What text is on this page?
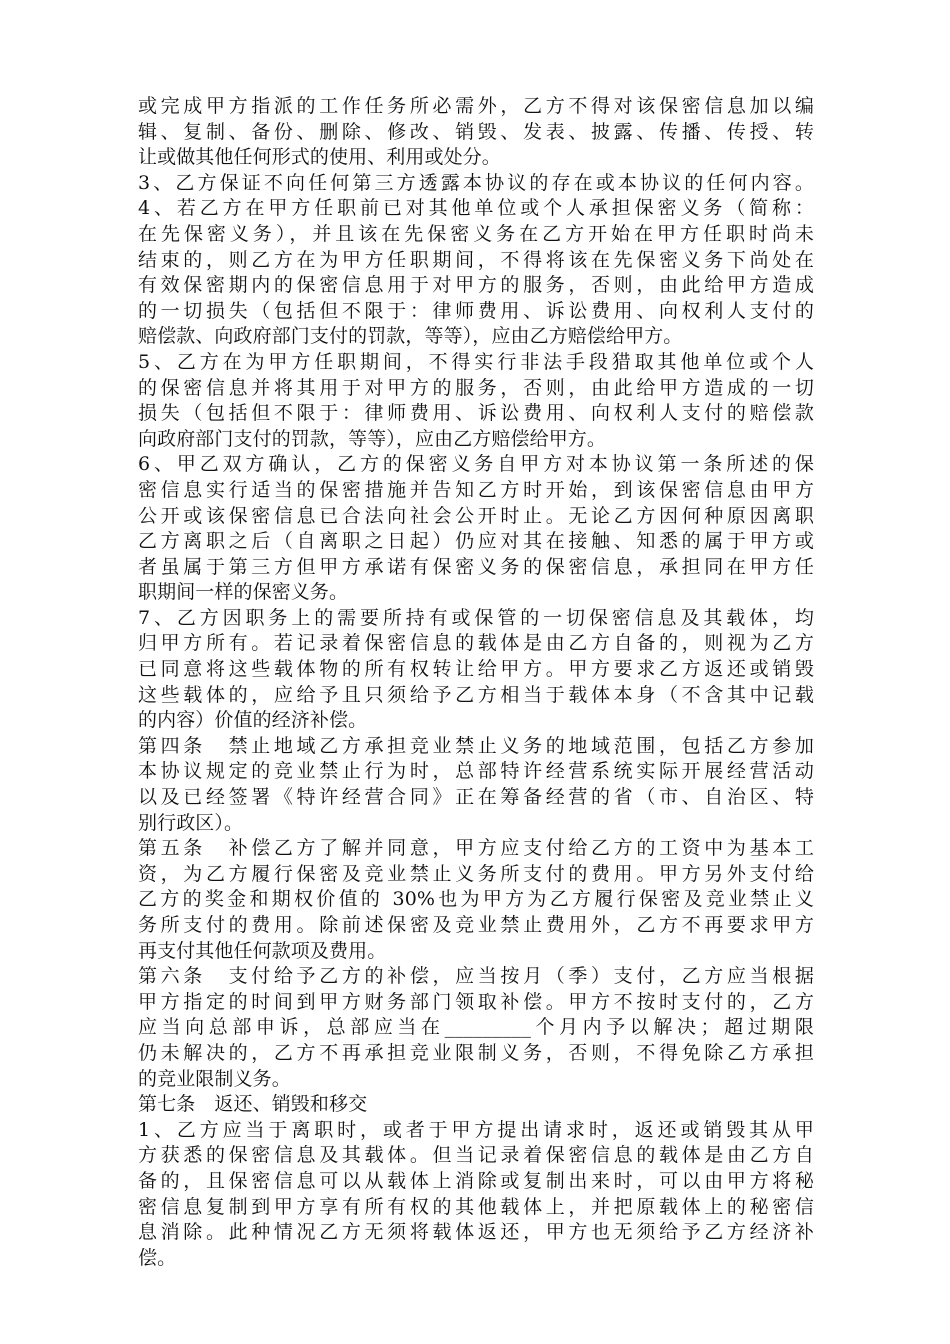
或完成甲方指派的工作任务所必需外，乙方不得对该保密信息加以编
辑、复制、备份、删除、修改、销毁、发表、披露、传播、传授、转
让或做其他任何形式的使用、利用或处分。
3、乙方保证不向任何第三方透露本协议的存在或本协议的任何内容。
4、若乙方在甲方任职前已对其他单位或个人承担保密义务（简称：
在先保密义务），并且该在先保密义务在乙方开始在甲方任职时尚未
结束的，则乙方在为甲方任职期间，不得将该在先保密义务下尚处在
有效保密期内的保密信息用于对甲方的服务，否则，由此给甲方造成
的一切损失（包括但不限于：律师费用、诉讼费用、向权利人支付的
赔偿款、向政府部门支付的罚款，等等），应由乙方赔偿给甲方。
5、乙方在为甲方任职期间，不得实行非法手段猎取其他单位或个人
的保密信息并将其用于对甲方的服务，否则，由此给甲方造成的一切
损失（包括但不限于：律师费用、诉讼费用、向权利人支付的赔偿款
向政府部门支付的罚款，等等），应由乙方赔偿给甲方。
6、甲乙双方确认，乙方的保密义务自甲方对本协议第一条所述的保
密信息实行适当的保密措施并告知乙方时开始，到该保密信息由甲方
公开或该保密信息已合法向社会公开时止。无论乙方因何种原因离职
乙方离职之后（自离职之日起）仍应对其在接触、知悉的属于甲方或
者虽属于第三方但甲方承诺有保密义务的保密信息，承担同在甲方任
职期间一样的保密义务。
7、乙方因职务上的需要所持有或保管的一切保密信息及其载体，均
归甲方所有。若记录着保密信息的载体是由乙方自备的，则视为乙方
已同意将这些载体物的所有权转让给甲方。甲方要求乙方返还或销毁
这些载体的，应给予且只须给予乙方相当于载体本身（不含其中记载
的内容）价值的经济补偿。
第四条　禁止地域乙方承担竞业禁止义务的地域范围，包括乙方参加
本协议规定的竞业禁止行为时，总部特许经营系统实际开展经营活动
以及已经签署《特许经营合同》正在筹备经营的省（市、自治区、特
别行政区）。
第五条　补偿乙方了解并同意，甲方应支付给乙方的工资中为基本工
资，为乙方履行保密及竞业禁止义务所支付的费用。甲方另外支付给
乙方的奖金和期权价值的 30%也为甲方为乙方履行保密及竞业禁止义
务所支付的费用。除前述保密及竞业禁止费用外，乙方不再要求甲方
再支付其他任何款项及费用。
第六条　支付给予乙方的补偿，应当按月（季）支付，乙方应当根据
甲方指定的时间到甲方财务部门领取补偿。甲方不按时支付的，乙方
应当向总部申诉，总部应当在_________个月内予以解决；超过期限
仍未解决的，乙方不再承担竞业限制义务，否则，不得免除乙方承担
的竞业限制义务。
第七条　返还、销毁和移交
1、乙方应当于离职时，或者于甲方提出请求时，返还或销毁其从甲
方获悉的保密信息及其载体。但当记录着保密信息的载体是由乙方自
备的，且保密信息可以从载体上消除或复制出来时，可以由甲方将秘
密信息复制到甲方享有所有权的其他载体上，并把原载体上的秘密信
息消除。此种情况乙方无须将载体返还，甲方也无须给予乙方经济补
偿。
